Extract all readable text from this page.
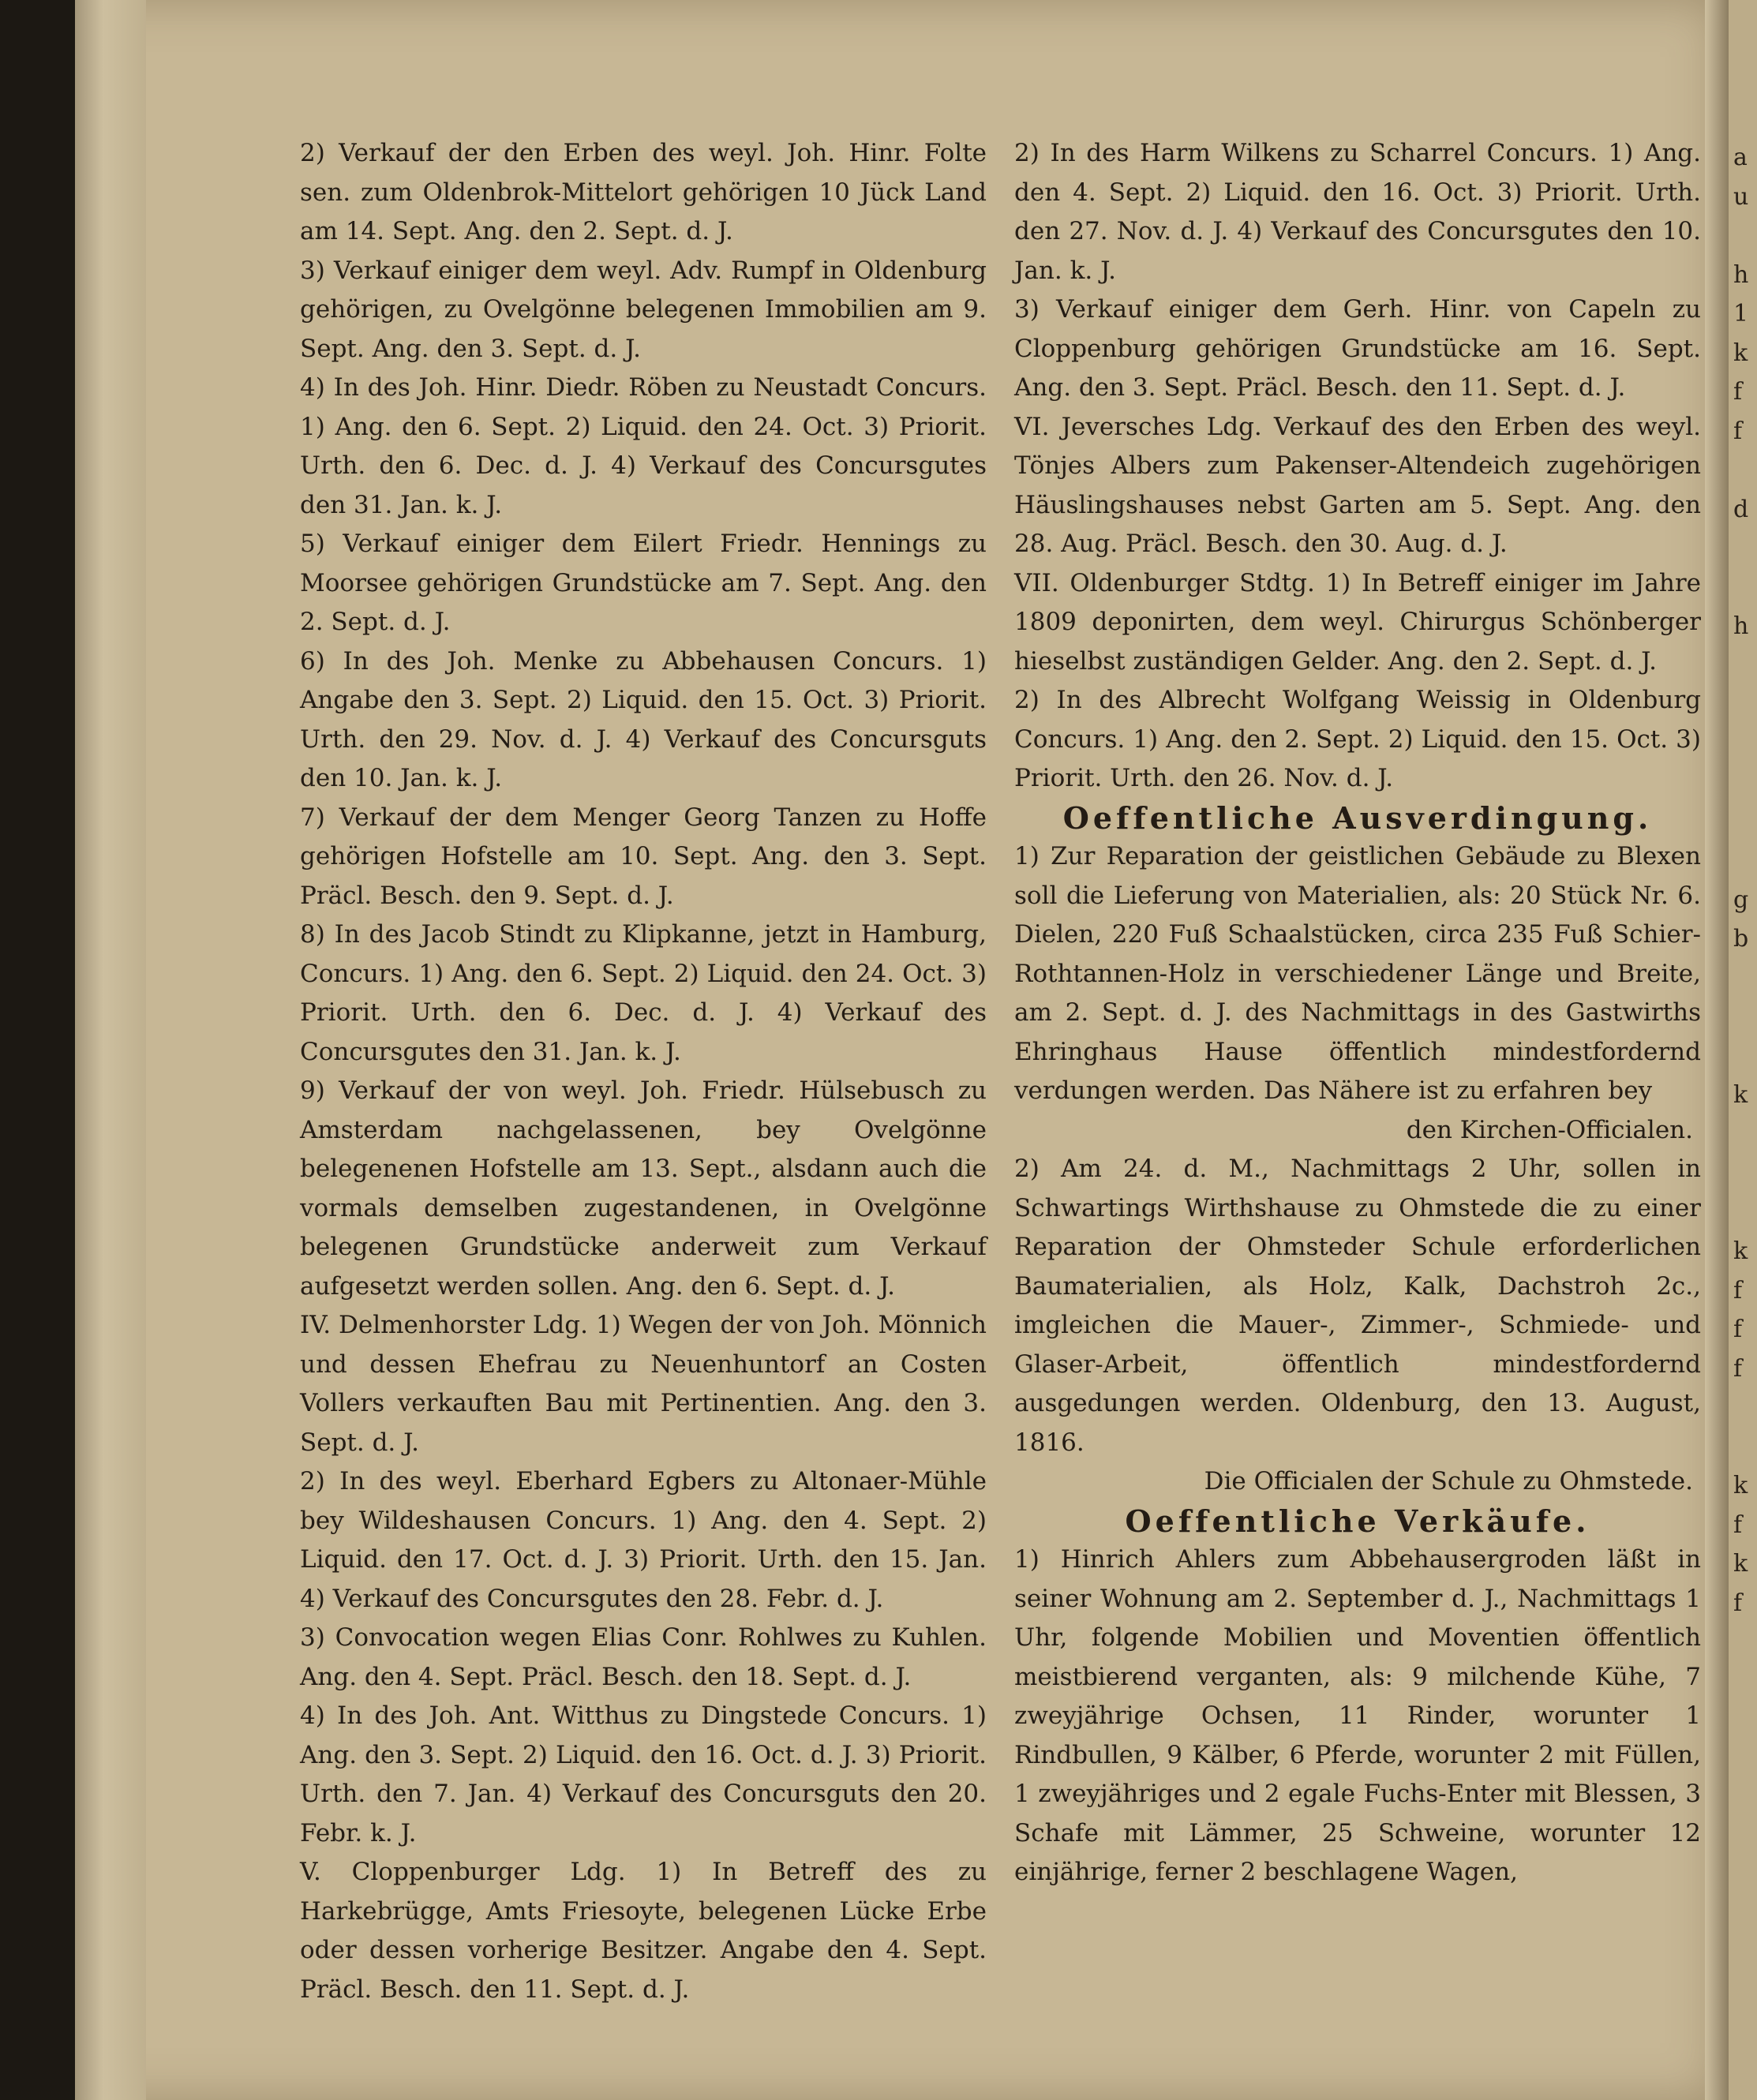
a
u

h
1
k
f
f

d

h

g
b

k

k
f
f
f

k
f
k
f

2) Verkauf der den Erben des weyl. Joh. Hinr. Folte sen. zum Oldenbrok-Mittelort gehörigen 10 Jück Land am 14. Sept. Ang. den 2. Sept. d. J.

3) Verkauf einiger dem weyl. Adv. Rumpf in Oldenburg gehörigen, zu Ovelgönne belegenen Immobilien am 9. Sept. Ang. den 3. Sept. d. J.

4) In des Joh. Hinr. Diedr. Röben zu Neustadt Concurs. 1) Ang. den 6. Sept. 2) Liquid. den 24. Oct. 3) Priorit. Urth. den 6. Dec. d. J. 4) Verkauf des Concursgutes den 31. Jan. k. J.

5) Verkauf einiger dem Eilert Friedr. Hennings zu Moorsee gehörigen Grundstücke am 7. Sept. Ang. den 2. Sept. d. J.

6) In des Joh. Menke zu Abbehausen Concurs. 1) Angabe den 3. Sept. 2) Liquid. den 15. Oct. 3) Priorit. Urth. den 29. Nov. d. J. 4) Verkauf des Concursguts den 10. Jan. k. J.

7) Verkauf der dem Menger Georg Tanzen zu Hoffe gehörigen Hofstelle am 10. Sept. Ang. den 3. Sept. Präcl. Besch. den 9. Sept. d. J.

8) In des Jacob Stindt zu Klipkanne, jetzt in Hamburg, Concurs. 1) Ang. den 6. Sept. 2) Liquid. den 24. Oct. 3) Priorit. Urth. den 6. Dec. d. J. 4) Verkauf des Concursgutes den 31. Jan. k. J.

9) Verkauf der von weyl. Joh. Friedr. Hülsebusch zu Amsterdam nachgelassenen, bey Ovelgönne belegenenen Hofstelle am 13. Sept., alsdann auch die vormals demselben zugestandenen, in Ovelgönne belegenen Grundstücke anderweit zum Verkauf aufgesetzt werden sollen. Ang. den 6. Sept. d. J.

IV. Delmenhorster Ldg. 1) Wegen der von Joh. Mönnich und dessen Ehefrau zu Neuenhuntorf an Costen Vollers verkauften Bau mit Pertinentien. Ang. den 3. Sept. d. J.

2) In des weyl. Eberhard Egbers zu Altonaer-Mühle bey Wildeshausen Concurs. 1) Ang. den 4. Sept. 2) Liquid. den 17. Oct. d. J. 3) Priorit. Urth. den 15. Jan. 4) Verkauf des Concursgutes den 28. Febr. d. J.

3) Convocation wegen Elias Conr. Rohlwes zu Kuhlen. Ang. den 4. Sept. Präcl. Besch. den 18. Sept. d. J.

4) In des Joh. Ant. Witthus zu Dingstede Concurs. 1) Ang. den 3. Sept. 2) Liquid. den 16. Oct. d. J. 3) Priorit. Urth. den 7. Jan. 4) Verkauf des Concursguts den 20. Febr. k. J.

V. Cloppenburger Ldg. 1) In Betreff des zu Harkebrügge, Amts Friesoyte, belegenen Lücke Erbe oder dessen vorherige Besitzer. Angabe den 4. Sept. Präcl. Besch. den 11. Sept. d. J.

2) In des Harm Wilkens zu Scharrel Concurs. 1) Ang. den 4. Sept. 2) Liquid. den 16. Oct. 3) Priorit. Urth. den 27. Nov. d. J. 4) Verkauf des Concursgutes den 10. Jan. k. J.

3) Verkauf einiger dem Gerh. Hinr. von Capeln zu Cloppenburg gehörigen Grundstücke am 16. Sept. Ang. den 3. Sept. Präcl. Besch. den 11. Sept. d. J.

VI. Jeversches Ldg. Verkauf des den Erben des weyl. Tönjes Albers zum Pakenser-Altendeich zugehörigen Häuslingshauses nebst Garten am 5. Sept. Ang. den 28. Aug. Präcl. Besch. den 30. Aug. d. J.

VII. Oldenburger Stdtg. 1) In Betreff einiger im Jahre 1809 deponirten, dem weyl. Chirurgus Schönberger hieselbst zuständigen Gelder. Ang. den 2. Sept. d. J.

2) In des Albrecht Wolfgang Weissig in Oldenburg Concurs. 1) Ang. den 2. Sept. 2) Liquid. den 15. Oct. 3) Priorit. Urth. den 26. Nov. d. J.

Oeffentliche Ausverdingung.

1) Zur Reparation der geistlichen Gebäude zu Blexen soll die Lieferung von Materialien, als: 20 Stück Nr. 6. Dielen, 220 Fuß Schaalstücken, circa 235 Fuß Schier-Rothtannen-Holz in verschiedener Länge und Breite, am 2. Sept. d. J. des Nachmittags in des Gastwirths Ehringhaus Hause öffentlich mindestfordernd verdungen werden. Das Nähere ist zu erfahren bey

den Kirchen-Officialen.

2) Am 24. d. M., Nachmittags 2 Uhr, sollen in Schwartings Wirthshause zu Ohmstede die zu einer Reparation der Ohmsteder Schule erforderlichen Baumaterialien, als Holz, Kalk, Dachstroh 2c., imgleichen die Mauer-, Zimmer-, Schmiede- und Glaser-Arbeit, öffentlich mindestfordernd ausgedungen werden. Oldenburg, den 13. August, 1816.

Die Officialen der Schule zu Ohmstede.

Oeffentliche Verkäufe.

1) Hinrich Ahlers zum Abbehausergroden läßt in seiner Wohnung am 2. September d. J., Nachmittags 1 Uhr, folgende Mobilien und Moventien öffentlich meistbierend verganten, als: 9 milchende Kühe, 7 zweyjährige Ochsen, 11 Rinder, worunter 1 Rindbullen, 9 Kälber, 6 Pferde, worunter 2 mit Füllen, 1 zweyjähriges und 2 egale Fuchs-Enter mit Blessen, 3 Schafe mit Lämmer, 25 Schweine, worunter 12 einjährige, ferner 2 beschlagene Wagen,
